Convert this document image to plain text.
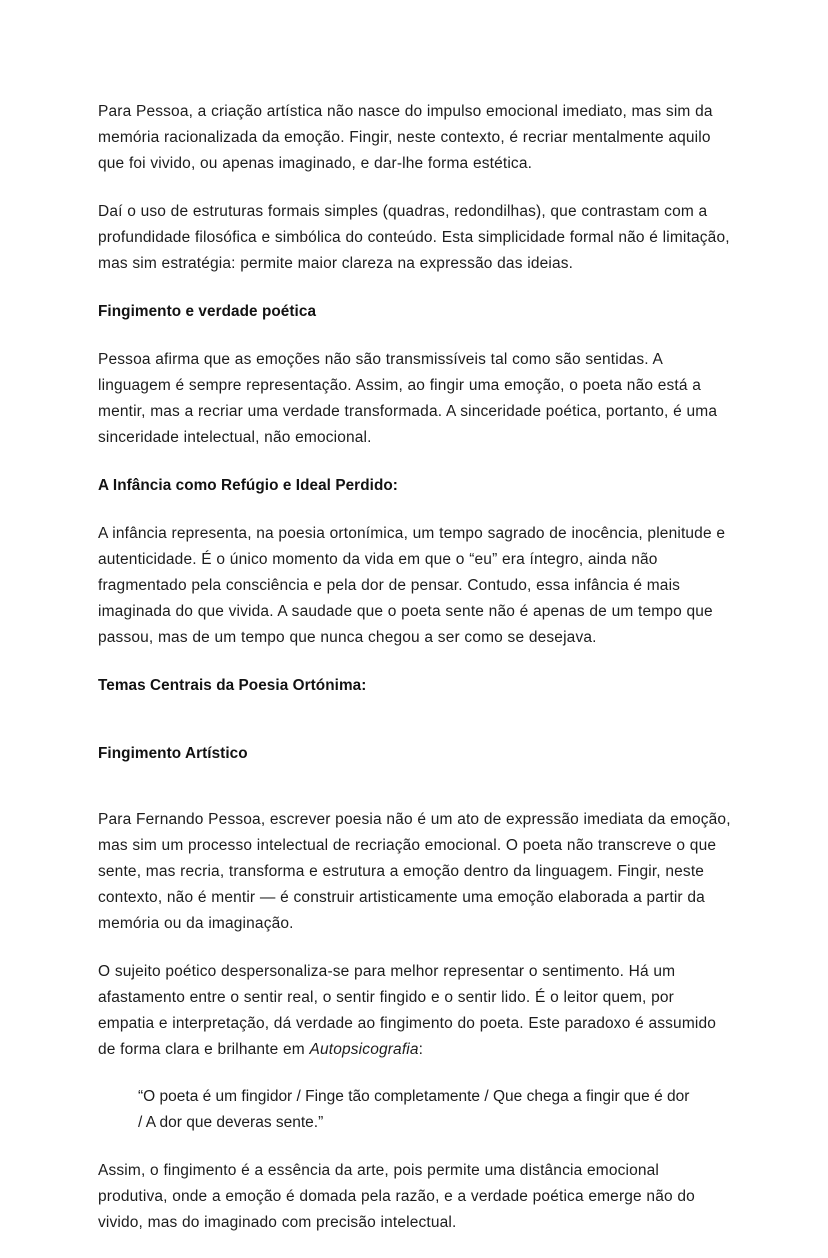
Para Pessoa, a criação artística não nasce do impulso emocional imediato, mas sim da memória racionalizada da emoção. Fingir, neste contexto, é recriar mentalmente aquilo que foi vivido, ou apenas imaginado, e dar-lhe forma estética.

Daí o uso de estruturas formais simples (quadras, redondilhas), que contrastam com a profundidade filosófica e simbólica do conteúdo. Esta simplicidade formal não é limitação, mas sim estratégia: permite maior clareza na expressão das ideias.

Fingimento e verdade poética

Pessoa afirma que as emoções não são transmissíveis tal como são sentidas. A linguagem é sempre representação. Assim, ao fingir uma emoção, o poeta não está a mentir, mas a recriar uma verdade transformada. A sinceridade poética, portanto, é uma sinceridade intelectual, não emocional.

A Infância como Refúgio e Ideal Perdido:

A infância representa, na poesia ortonímica, um tempo sagrado de inocência, plenitude e autenticidade. É o único momento da vida em que o “eu” era íntegro, ainda não fragmentado pela consciência e pela dor de pensar. Contudo, essa infância é mais imaginada do que vivida. A saudade que o poeta sente não é apenas de um tempo que passou, mas de um tempo que nunca chegou a ser como se desejava.

Temas Centrais da Poesia Ortónima:
Fingimento Artístico

Para Fernando Pessoa, escrever poesia não é um ato de expressão imediata da emoção, mas sim um processo intelectual de recriação emocional. O poeta não transcreve o que sente, mas recria, transforma e estrutura a emoção dentro da linguagem. Fingir, neste contexto, não é mentir — é construir artisticamente uma emoção elaborada a partir da memória ou da imaginação.

O sujeito poético despersonaliza-se para melhor representar o sentimento. Há um afastamento entre o sentir real, o sentir fingido e o sentir lido. É o leitor quem, por empatia e interpretação, dá verdade ao fingimento do poeta. Este paradoxo é assumido de forma clara e brilhante em Autopsicografia:

“O poeta é um fingidor / Finge tão completamente / Que chega a fingir que é dor / A dor que deveras sente.”

Assim, o fingimento é a essência da arte, pois permite uma distância emocional produtiva, onde a emoção é domada pela razão, e a verdade poética emerge não do vivido, mas do imaginado com precisão intelectual.
